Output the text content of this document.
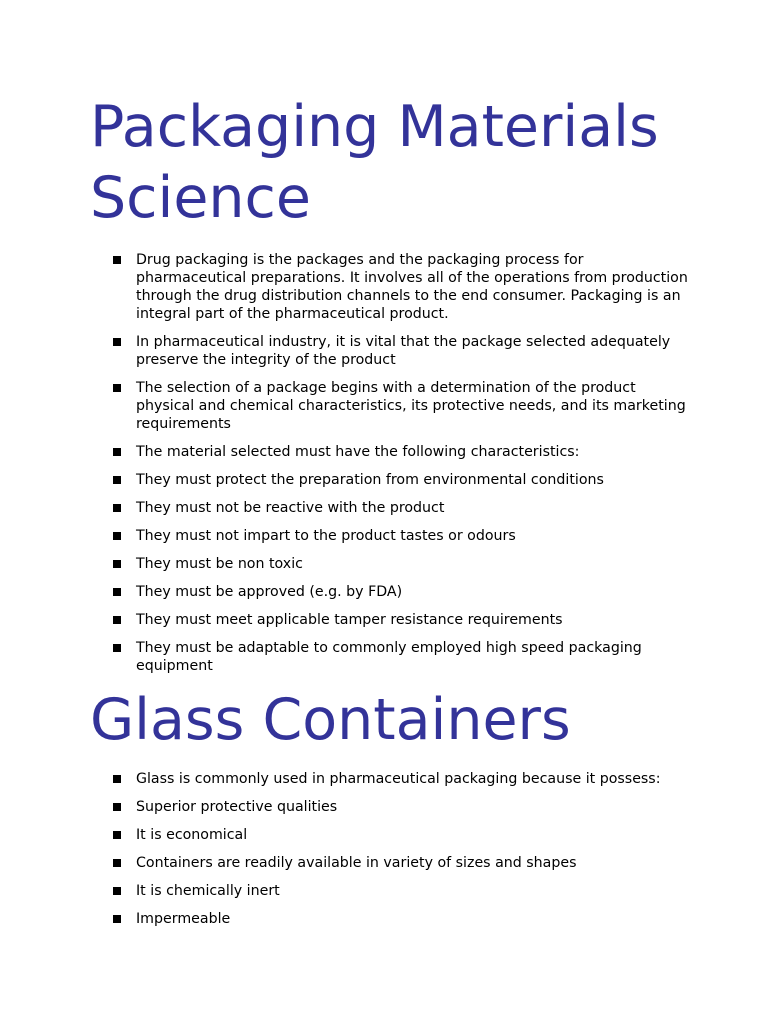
Packaging Materials Science
Drug packaging is the packages and the packaging process for pharmaceutical preparations. It involves all of the operations from production through the drug distribution channels to the end consumer. Packaging is an integral part of the pharmaceutical product.
In pharmaceutical industry, it is vital that the package selected adequately preserve the integrity of the product
The selection of a package begins with a determination of the product physical and chemical characteristics, its protective needs, and its marketing requirements
The material selected must have the following characteristics:
They must protect the preparation from environmental conditions
They must not be reactive with the product
They must not impart to the product tastes or odours
They must be non toxic
They must be approved (e.g. by FDA)
They must meet applicable tamper resistance requirements
They must be adaptable to commonly employed high speed packaging equipment
Glass Containers
Glass is commonly used in pharmaceutical packaging because it possess:
Superior protective qualities
It is economical
Containers are readily available in variety of sizes and shapes
It is chemically inert
Impermeable
